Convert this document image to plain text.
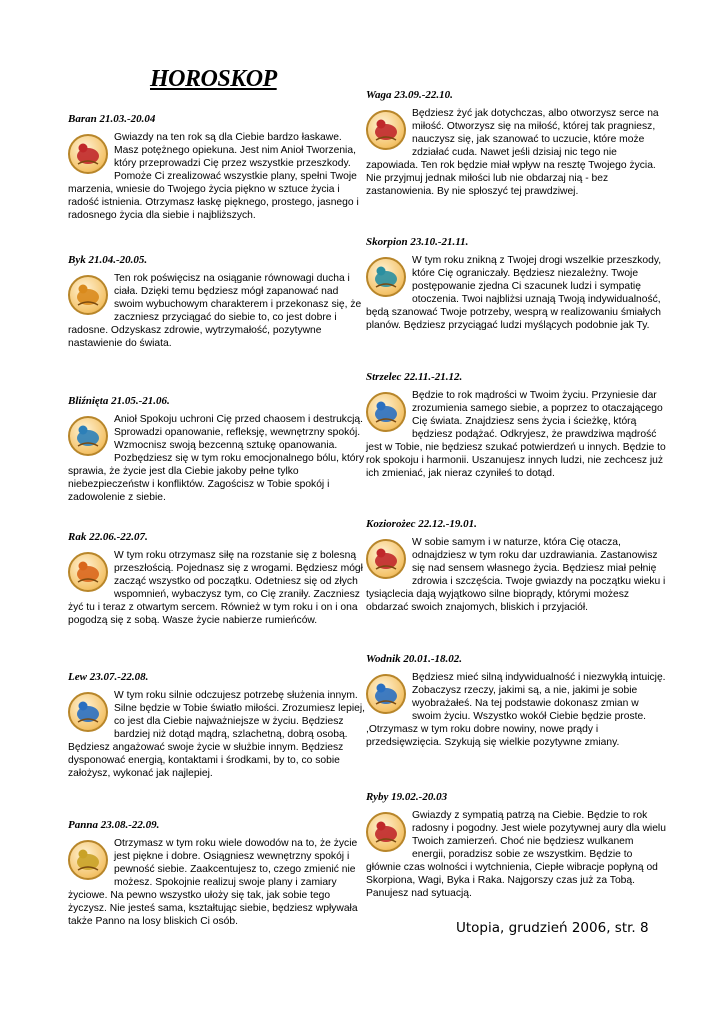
HOROSKOP
Baran 21.03.-20.04
Gwiazdy na ten rok są dla Ciebie bardzo łaskawe. Masz potężnego opiekuna. Jest nim Anioł Tworzenia, który przeprowadzi Cię przez wszystkie przeszkody. Pomoże Ci zrealizować wszystkie plany, spełni Twoje marzenia, wniesie do Twojego życia piękno w sztuce życia i radość istnienia. Otrzymasz łaskę pięknego, prostego, jasnego i radosnego życia dla siebie i najbliższych.
Byk 21.04.-20.05.
Ten rok poświęcisz na osiąganie równowagi ducha i ciała. Dzięki temu będziesz mógł zapanować nad swoim wybuchowym charakterem i przekonasz się, że zaczniesz przyciągać do siebie to, co jest dobre i radosne. Odzyskasz zdrowie, wytrzymałość, pozytywne nastawienie do świata.
Bliźnięta 21.05.-21.06.
Anioł Spokoju uchroni Cię przed chaosem i destrukcją. Sprowadzi opanowanie, refleksję, wewnętrzny spokój. Wzmocnisz swoją bezcenną sztukę opanowania. Pozbędziesz się w tym roku emocjonalnego bólu, który sprawia, że życie jest dla Ciebie jakoby pełne tylko niebezpieczeństw i konfliktów. Zagościsz w Tobie spokój i zadowolenie z siebie.
Rak 22.06.-22.07.
W tym roku otrzymasz siłę na rozstanie się z bolesną przeszłością. Pojednasz się z wrogami. Będziesz mógł zacząć wszystko od początku. Odetniesz się od złych wspomnień, wybaczysz tym, co Cię zraniły. Zaczniesz żyć tu i teraz z otwartym sercem. Również w tym roku i on i ona pogodzą się z sobą. Wasze życie nabierze rumieńców.
Lew 23.07.-22.08.
W tym roku silnie odczujesz potrzebę służenia innym. Silne będzie w Tobie światło miłości. Zrozumiesz lepiej, co jest dla Ciebie najważniejsze w życiu. Będziesz bardziej niż dotąd mądrą, szlachetną, dobrą osobą. Będziesz angażować swoje życie w służbie innym. Będziesz dysponować energią, kontaktami i środkami, by to, co sobie założysz, wykonać jak najlepiej.
Panna 23.08.-22.09.
Otrzymasz w tym roku wiele dowodów na to, że życie jest piękne i dobre. Osiągniesz wewnętrzny spokój i pewność siebie. Zaakcentujesz to, czego zmienić nie możesz. Spokojnie realizuj swoje plany i zamiary życiowe. Na pewno wszystko ułoży się tak, jak sobie tego życzysz. Nie jesteś sama, kształtując siebie, będziesz wpływała także Panno na losy bliskich Ci osób.
Waga 23.09.-22.10.
Będziesz żyć jak dotychczas, albo otworzysz serce na miłość. Otworzysz się na miłość, której tak pragniesz, nauczysz się, jak szanować to uczucie, które może zdziałać cuda. Nawet jeśli dzisiaj nic tego nie zapowiada. Ten rok będzie miał wpływ na resztę Twojego życia. Nie przyjmuj jednak miłości lub nie obdarzaj nią - bez zastanowienia. By nie spłoszyć tej prawdziwej.
Skorpion 23.10.-21.11.
W tym roku znikną z Twojej drogi wszelkie przeszkody, które Cię ograniczały. Będziesz niezależny. Twoje postępowanie zjedna Ci szacunek ludzi i sympatię otoczenia. Twoi najbliżsi uznają Twoją indywidualność, będą szanować Twoje potrzeby, wesprą w realizowaniu śmiałych planów. Będziesz przyciągać ludzi myślących podobnie jak Ty.
Strzelec 22.11.-21.12.
Będzie to rok mądrości w Twoim życiu. Przyniesie dar zrozumienia samego siebie, a poprzez to otaczającego Cię świata. Znajdziesz sens życia i ścieżkę, którą będziesz podążać. Odkryjesz, że prawdziwa mądrość jest w Tobie, nie będziesz szukać potwierdzeń u innych. Będzie to rok spokoju i harmonii. Uszanujesz innych ludzi, nie zechcesz już ich zmieniać, jak nieraz czyniłeś to dotąd.
Koziorożec 22.12.-19.01.
W sobie samym i w naturze, która Cię otacza, odnajdziesz w tym roku dar uzdrawiania. Zastanowisz się nad sensem własnego życia. Będziesz miał pełnię zdrowia i szczęścia. Twoje gwiazdy na początku wieku i tysiąclecia dają wyjątkowo silne bioprądy, którymi możesz obdarzać swoich znajomych, bliskich i przyjaciół.
Wodnik 20.01.-18.02.
Będziesz mieć silną indywidualność i niezwykłą intuicję. Zobaczysz rzeczy, jakimi są, a nie, jakimi je sobie wyobrażałeś. Na tej podstawie dokonasz zmian w swoim życiu. Wszystko wokół Ciebie będzie proste. ,Otrzymasz w tym roku dobre nowiny, nowe prądy i przedsięwzięcia. Szykują się wielkie pozytywne zmiany.
Ryby 19.02.-20.03
Gwiazdy z sympatią patrzą na Ciebie. Będzie to rok radosny i pogodny. Jest wiele pozytywnej aury dla wielu Twoich zamierzeń. Choć nie będziesz wulkanem energii, poradzisz sobie ze wszystkim. Będzie to głównie czas wolności i wytchnienia, Ciepłe wibracje popłyną od Skorpiona, Wagi, Byka i Raka. Najgorszy czas już za Tobą. Panujesz nad sytuacją.
Utopia, grudzień 2006, str. 8
